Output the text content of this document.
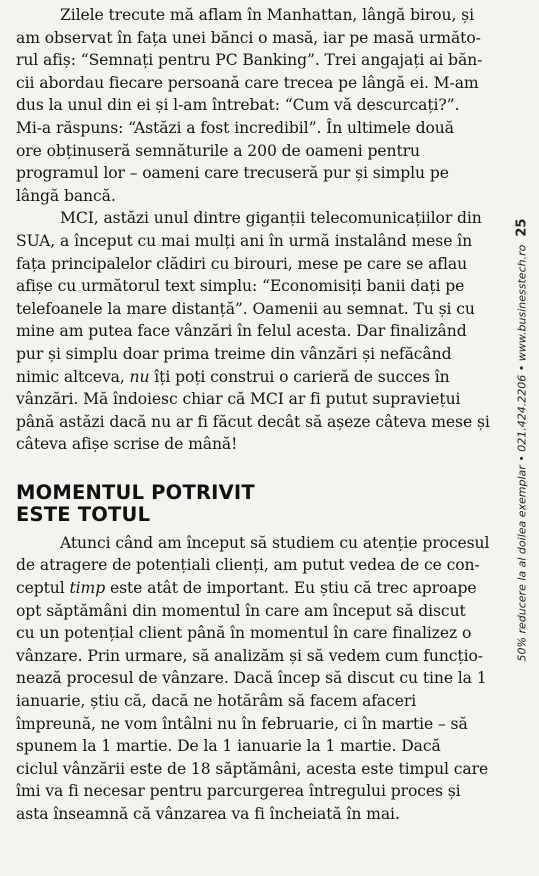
Zilele trecute mă aflam în Manhattan, lângă birou, și

am observat în fața unei bănci o masă, iar pe masă următo-

rul afiș: “Semnați pentru PC Banking”. Trei angajați ai băn-

cii abordau fiecare persoană care trecea pe lângă ei. M-am

dus la unul din ei și l-am întrebat: “Cum vă descurcați?”.

Mi-a răspuns: “Astăzi a fost incredibil”. În ultimele două

ore obținuseră semnăturile a 200 de oameni pentru

programul lor – oameni care trecuseră pur și simplu pe

lângă bancă.

MCI, astăzi unul dintre giganții telecomunicațiilor din

SUA, a început cu mai mulți ani în urmă instalând mese în

fața principalelor clădiri cu birouri, mese pe care se aflau

afișe cu următorul text simplu: “Economisiți banii dați pe

telefoanele la mare distanță”. Oamenii au semnat. Tu și cu

mine am putea face vânzări în felul acesta. Dar finalizând

pur și simplu doar prima treime din vânzări și nefăcând

nimic altceva, nu îți poți construi o carieră de succes în

vânzări. Mă îndoiesc chiar că MCI ar fi putut supraviețui

până astăzi dacă nu ar fi făcut decât să așeze câteva mese și

câteva afișe scrise de mână!

MOMENTUL POTRIVIT
ESTE TOTUL

Atunci când am început să studiem cu atenție procesul

de atragere de potențiali clienți, am putut vedea de ce con-

ceptul timp este atât de important. Eu știu că trec aproape

opt săptămâni din momentul în care am început să discut

cu un potențial client până în momentul în care finalizez o

vânzare. Prin urmare, să analizăm și să vedem cum funcțio-

nează procesul de vânzare. Dacă încep să discut cu tine la 1

ianuarie, știu că, dacă ne hotărâm să facem afaceri

împreună, ne vom întâlni nu în februarie, ci în martie – să

spunem la 1 martie. De la 1 ianuarie la 1 martie. Dacă

ciclul vânzării este de 18 săptămâni, acesta este timpul care

îmi va fi necesar pentru parcurgerea întregului proces și

asta înseamnă că vânzarea va fi încheiată în mai.

50% reducere la al doilea exemplar • 021.424.2206 • www.businesstech.ro
25
